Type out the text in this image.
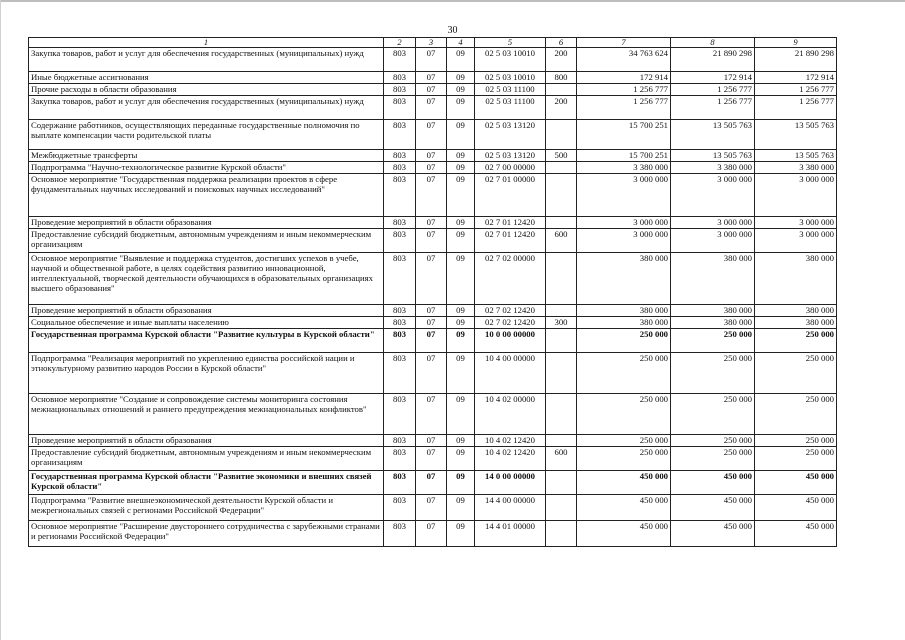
30
1	2	3	4	5	6	7	8	9
Закупка товаров, работ и услуг для обеспечения государственных (муниципальных) нужд	803	07	09	02 5 03 10010	200	34 763 624	21 890 298	21 890 298
Иные бюджетные ассигнования	803	07	09	02 5 03 10010	800	172 914	172 914	172 914
Прочие расходы в области образования	803	07	09	02 5 03 11100		1 256 777	1 256 777	1 256 777
Закупка товаров, работ и услуг для обеспечения государственных (муниципальных) нужд	803	07	09	02 5 03 11100	200	1 256 777	1 256 777	1 256 777
Содержание работников, осуществляющих переданные государственные полномочия по выплате компенсации части родительской платы	803	07	09	02 5 03 13120		15 700 251	13 505 763	13 505 763
Межбюджетные трансферты	803	07	09	02 5 03 13120	500	15 700 251	13 505 763	13 505 763
Подпрограмма "Научно-технологическое развитие Курской области"	803	07	09	02 7 00 00000		3 380 000	3 380 000	3 380 000
Основное мероприятие "Государственная поддержка реализации проектов в сфере фундаментальных научных исследований и поисковых научных исследований"	803	07	09	02 7 01 00000		3 000 000	3 000 000	3 000 000
Проведение мероприятий в области образования	803	07	09	02 7 01 12420		3 000 000	3 000 000	3 000 000
Предоставление субсидий бюджетным, автономным учреждениям и иным некоммерческим организациям	803	07	09	02 7 01 12420	600	3 000 000	3 000 000	3 000 000
Основное мероприятие "Выявление и поддержка студентов, достигших успехов в учебе, научной и общественной работе, в целях содействия развитию инновационной, интеллектуальной, творческой деятельности обучающихся в образовательных организациях высшего образования"	803	07	09	02 7 02 00000		380 000	380 000	380 000
Проведение мероприятий в области образования	803	07	09	02 7 02 12420		380 000	380 000	380 000
Социальное обеспечение и иные выплаты населению	803	07	09	02 7 02 12420	300	380 000	380 000	380 000
Государственная программа Курской области "Развитие культуры в Курской области"	803	07	09	10 0 00 00000		250 000	250 000	250 000
Подпрограмма "Реализация мероприятий по укреплению единства российской нации и этнокультурному развитию народов России в Курской области"	803	07	09	10 4 00 00000		250 000	250 000	250 000
Основное мероприятие "Создание и сопровождение системы мониторинга состояния межнациональных отношений и раннего предупреждения межнациональных конфликтов"	803	07	09	10 4 02 00000		250 000	250 000	250 000
Проведение мероприятий в области образования	803	07	09	10 4 02 12420		250 000	250 000	250 000
Предоставление субсидий бюджетным, автономным учреждениям и иным некоммерческим организациям	803	07	09	10 4 02 12420	600	250 000	250 000	250 000
Государственная программа Курской области "Развитие экономики и внешних связей Курской области"	803	07	09	14 0 00 00000		450 000	450 000	450 000
Подпрограмма "Развитие внешнеэкономической деятельности Курской области и межрегиональных связей с регионами Российской Федерации"	803	07	09	14 4 00 00000		450 000	450 000	450 000
Основное мероприятие "Расширение двустороннего сотрудничества с зарубежными странами и регионами Российской Федерации"	803	07	09	14 4 01 00000		450 000	450 000	450 000
